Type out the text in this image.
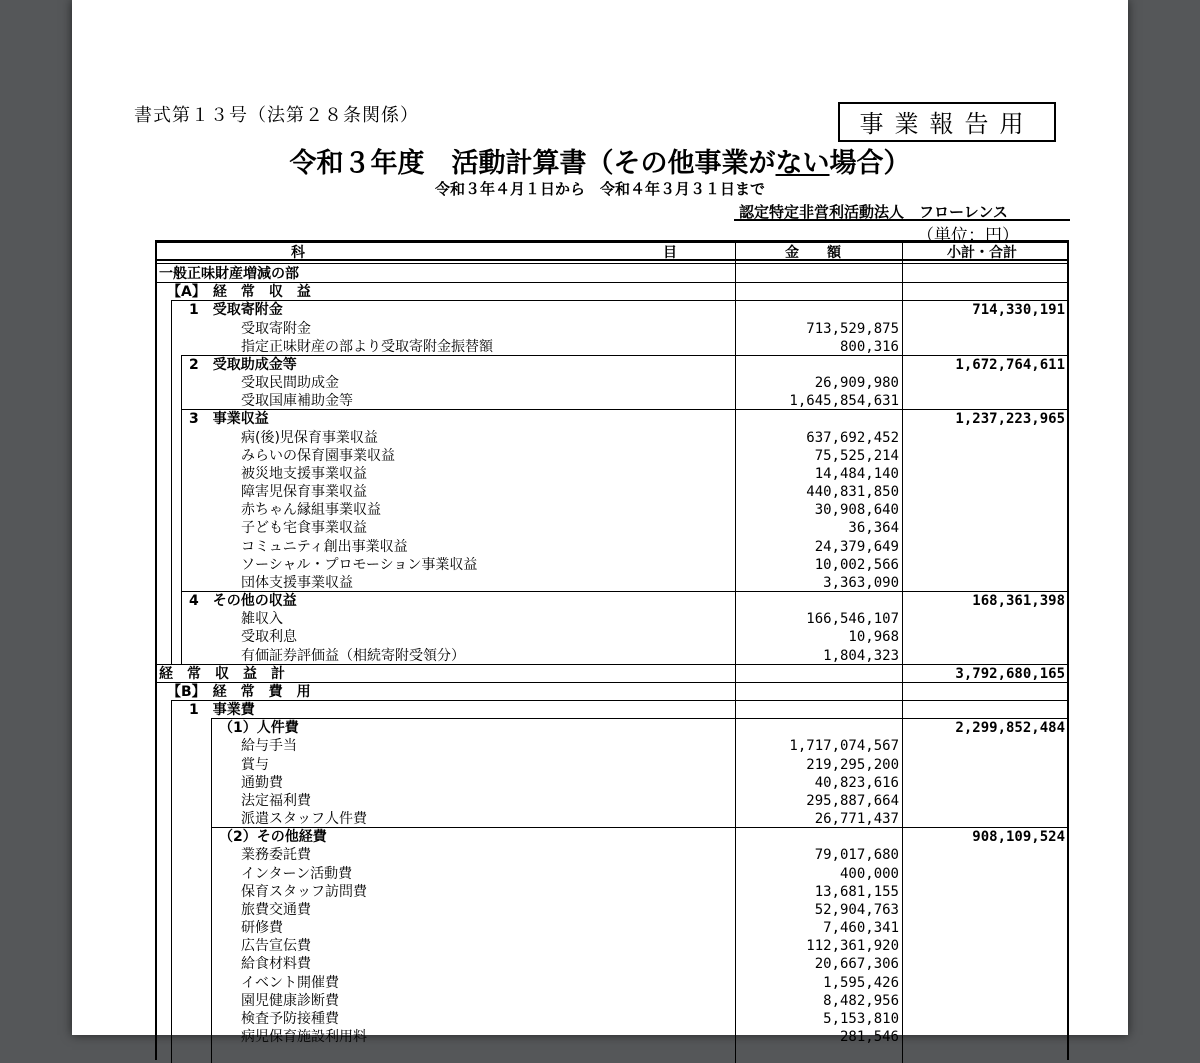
書式第１３号（法第２８条関係）	事業報告用
令和３年度　活動計算書（その他事業がない場合）
令和３年４月１日から　令和４年３月３１日まで
認定特定非営利活動法人　フローレンス
（単位：円）
科	目	金　　額	小計・合計
一般正味財産増減の部
【A】　経　常　収　益
1　受取寄附金	714,330,191
受取寄附金	713,529,875
指定正味財産の部より受取寄附金振替額	800,316
2　受取助成金等	1,672,764,611
受取民間助成金	26,909,980
受取国庫補助金等	1,645,854,631
3　事業収益	1,237,223,965
病(後)児保育事業収益	637,692,452
みらいの保育園事業収益	75,525,214
被災地支援事業収益	14,484,140
障害児保育事業収益	440,831,850
赤ちゃん縁組事業収益	30,908,640
子ども宅食事業収益	36,364
コミュニティ創出事業収益	24,379,649
ソーシャル・プロモーション事業収益	10,002,566
団体支援事業収益	3,363,090
4　その他の収益	168,361,398
雑収入	166,546,107
受取利息	10,968
有価証券評価益（相続寄附受領分）	1,804,323
経　常　収　益　計	3,792,680,165
【B】　経　常　費　用
1　事業費
（1）人件費	2,299,852,484
給与手当	1,717,074,567
賞与	219,295,200
通勤費	40,823,616
法定福利費	295,887,664
派遣スタッフ人件費	26,771,437
（2）その他経費	908,109,524
業務委託費	79,017,680
インターン活動費	400,000
保育スタッフ訪問費	13,681,155
旅費交通費	52,904,763
研修費	7,460,341
広告宣伝費	112,361,920
給食材料費	20,667,306
イベント開催費	1,595,426
園児健康診断費	8,482,956
検査予防接種費	5,153,810
病児保育施設利用料	281,546
